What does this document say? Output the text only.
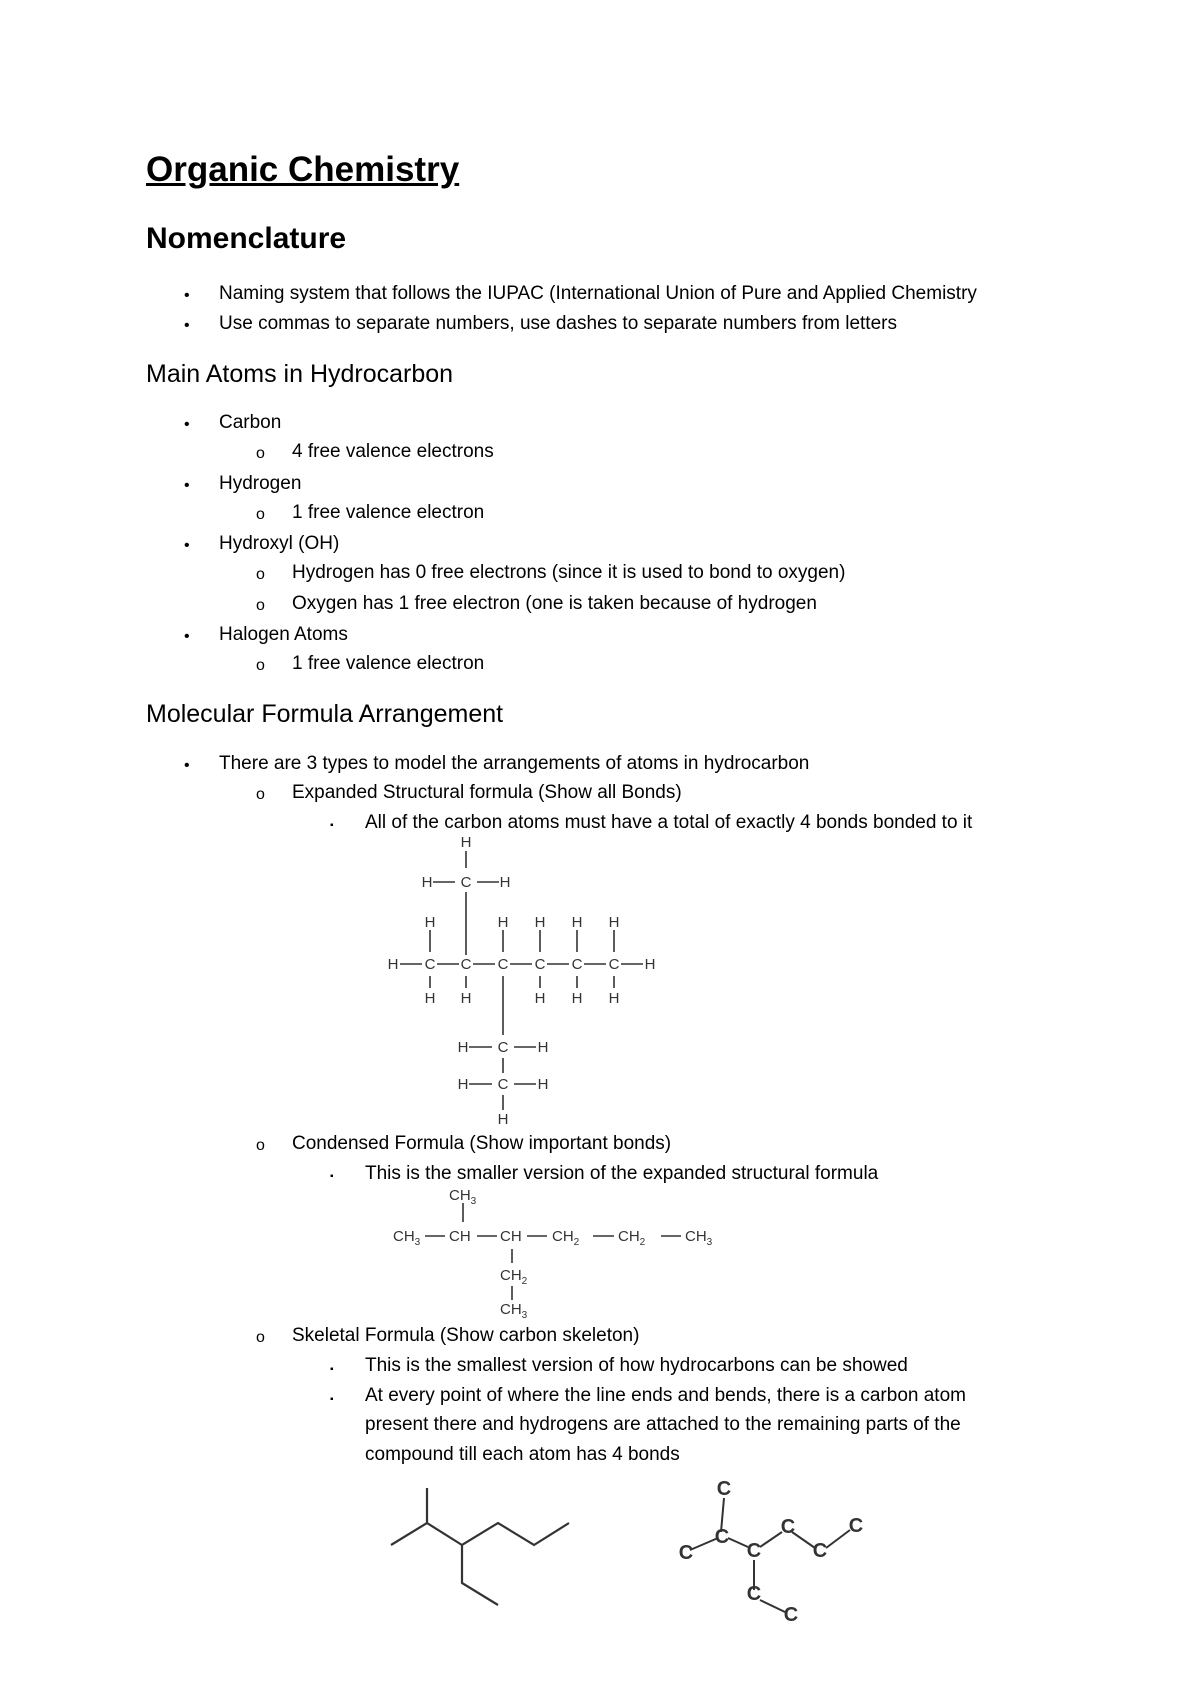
Organic Chemistry
Nomenclature
• Naming system that follows the IUPAC (International Union of Pure and Applied Chemistry
• Use commas to separate numbers, use dashes to separate numbers from letters
Main Atoms in Hydrocarbon
• Carbon
o 4 free valence electrons
• Hydrogen
o 1 free valence electron
• Hydroxyl (OH)
o Hydrogen has 0 free electrons (since it is used to bond to oxygen)
o Oxygen has 1 free electron (one is taken because of hydrogen
• Halogen Atoms
o 1 free valence electron
Molecular Formula Arrangement
• There are 3 types to model the arrangements of atoms in hydrocarbon
o Expanded Structural formula (Show all Bonds)
▪ All of the carbon atoms must have a total of exactly 4 bonds bonded to it
H
H C H
H	H H H H
H C C C C C C H
H H	H H H
H C H
H C H
H
o Condensed Formula (Show important bonds)
▪ This is the smaller version of the expanded structural formula
$CH_3$
$CH_3$ CH CH $CH_2$	$CH_2$	$CH_3$
$CH_2$
$CH_3$
o Skeletal Formula (Show carbon skeleton)
▪ This is the smallest version of how hydrocarbons can be showed
▪ At every point of where the line ends and bends, there is a carbon atom
present there and hydrogens are attached to the remaining parts of the
compound till each atom has 4 bonds
C
C
C	C
C
C
C
C
C
